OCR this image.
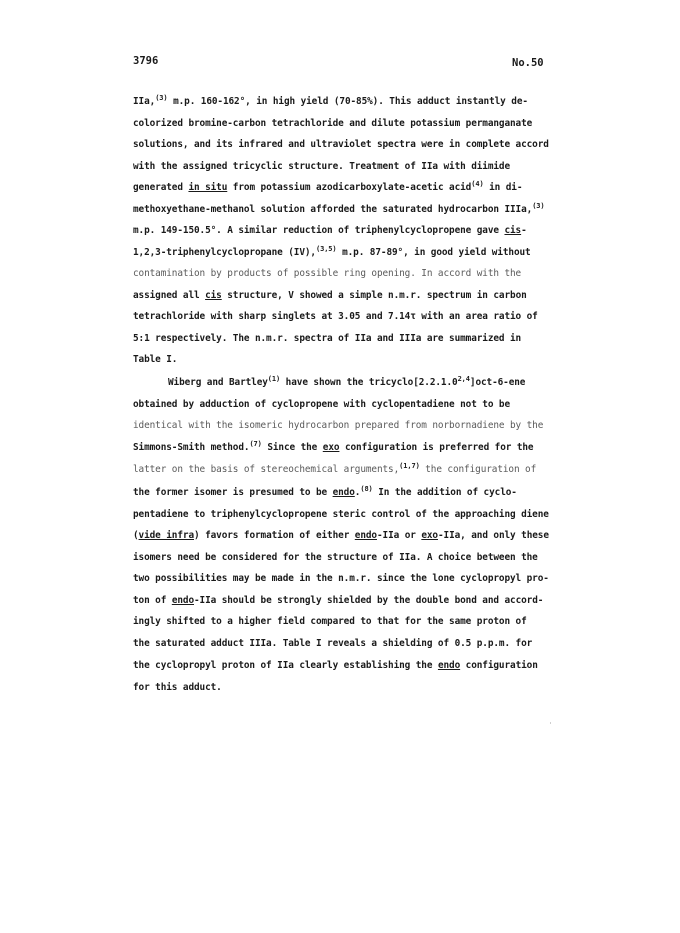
3796	No.50
IIa,$^{(3)}$ m.p. 160-162°, in high yield (70-85%). This adduct instantly de-
colorized bromine-carbon tetrachloride and dilute potassium permanganate
solutions, and its infrared and ultraviolet spectra were in complete accord
with the assigned tricyclic structure. Treatment of IIa with diimide
generated in situ from potassium azodicarboxylate-acetic acid$^{(4)}$ in di-
methoxyethane-methanol solution afforded the saturated hydrocarbon IIIa,$^{(3)}$
m.p. 149-150.5°. A similar reduction of triphenylcyclopropene gave cis-
1,2,3-triphenylcyclopropane (IV),$^{(3,5)}$ m.p. 87-89°, in good yield without
contamination by products of possible ring opening. In accord with the
assigned all cis structure, V showed a simple n.m.r. spectrum in carbon
tetrachloride with sharp singlets at 3.05 and 7.14τ with an area ratio of
5:1 respectively. The n.m.r. spectra of IIa and IIIa are summarized in
Table I.
Wiberg and Bartley$^{(1)}$ have shown the tricyclo[2.2.1.0$^{2,4}$]oct-6-ene
obtained by adduction of cyclopropene with cyclopentadiene not to be
identical with the isomeric hydrocarbon prepared from norbornadiene by the
Simmons-Smith method.$^{(7)}$ Since the exo configuration is preferred for the
latter on the basis of stereochemical arguments,$^{(1,7)}$ the configuration of
the former isomer is presumed to be endo.$^{(8)}$ In the addition of cyclo-
pentadiene to triphenylcyclopropene steric control of the approaching diene
(vide infra) favors formation of either endo-IIa or exo-IIa, and only these
isomers need be considered for the structure of IIa. A choice between the
two possibilities may be made in the n.m.r. since the lone cyclopropyl pro-
ton of endo-IIa should be strongly shielded by the double bond and accord-
ingly shifted to a higher field compared to that for the same proton of
the saturated adduct IIIa. Table I reveals a shielding of 0.5 p.p.m. for
the cyclopropyl proton of IIa clearly establishing the endo configuration
for this adduct.
